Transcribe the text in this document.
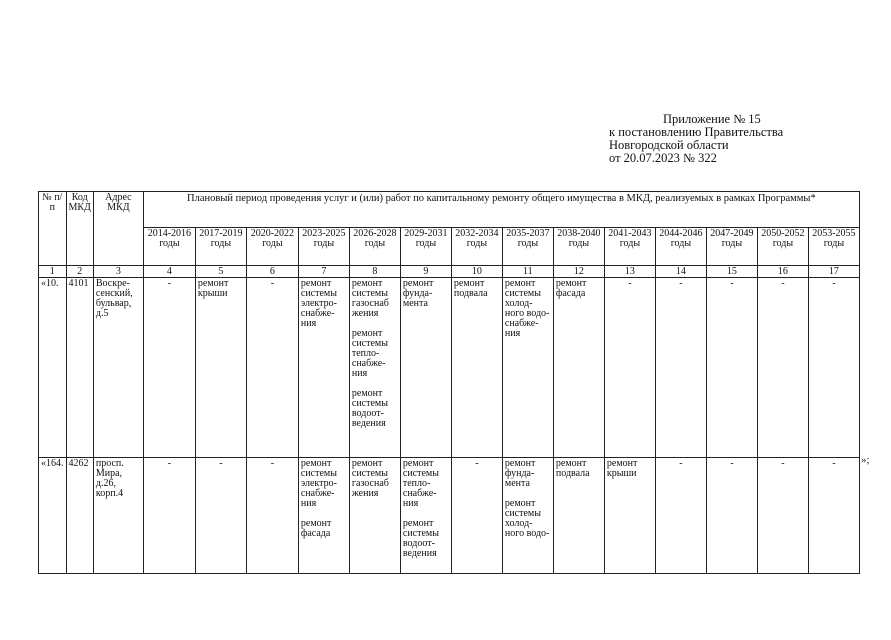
Приложение № 15
к постановлению Правительства
Новгородской области
от 20.07.2023 № 322
№ п/п	Код МКД	Адрес МКД	Плановый период проведения услуг и (или) работ по капитальному ремонту общего имущества в МКД, реализуемых в рамках Программы*													
			2014-2016 годы	2017-2019 годы	2020-2022 годы	2023-2025 годы	2026-2028 годы	2029-2031 годы	2032-2034 годы	2035-2037 годы	2038-2040 годы	2041-2043 годы	2044-2046 годы	2047-2049 годы	2050-2052 годы	2053-2055 годы
1	2	3	4	5	6	7	8	9	10	11	12	13	14	15	16	17
«10.	4101	Воскре-сенский, бульвар, д.5	-	ремонт крыши	-	ремонт системы электро-снабже-ния	ремонт системы газоснаб жения
ремонт системы тепло-снабже-ния
ремонт системы водоот-ведения	ремонт фунда-мента	ремонт подвала	ремонт системы холод-ного водо-снабже-ния	ремонт фасада	-	-	-	-	-

«164.	4262	просп. Мира, д.26, корп.4	-	-	-	ремонт системы электро-снабже-ния
ремонт фасада	ремонт системы газоснаб жения	ремонт системы тепло-снабже-ния
ремонт системы водоот-ведения	-	ремонт фунда-мента
ремонт системы холод-ного водо-	ремонт подвала	ремонт крыши	-	-	-	-	»;
